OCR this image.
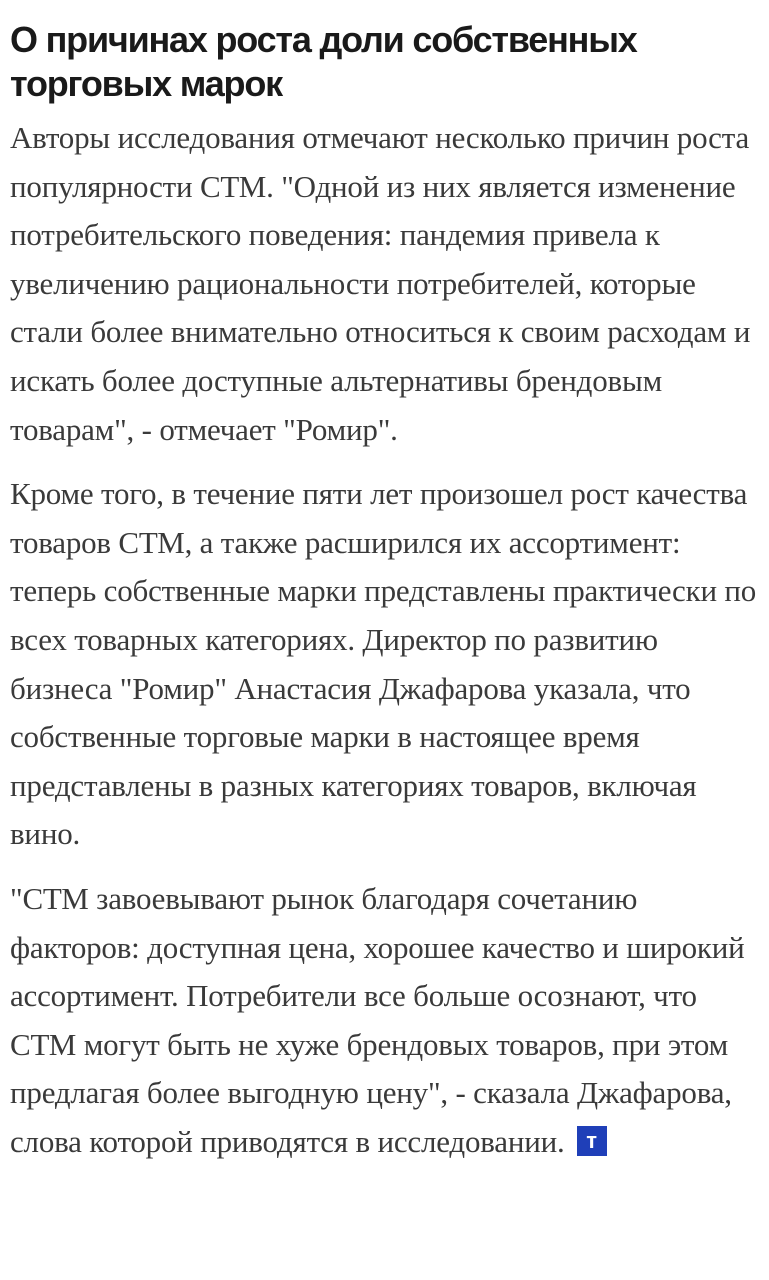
О причинах роста доли собственных торговых марок

Авторы исследования отмечают несколько причин роста популярности СТМ. "Одной из них является изменение потребительского поведения: пандемия привела к увеличению рациональности потребителей, которые стали более внимательно относиться к своим расходам и искать более доступные альтернативы брендовым товарам", - отмечает "Ромир".

Кроме того, в течение пяти лет произошел рост качества товаров СТМ, а также расширился их ассортимент: теперь собственные марки представлены практически по всех товарных категориях. Директор по развитию бизнеса "Ромир" Анастасия Джафарова указала, что собственные торговые марки в настоящее время представлены в разных категориях товаров, включая вино.

"СТМ завоевывают рынок благодаря сочетанию факторов: доступная цена, хорошее качество и широкий ассортимент. Потребители все больше осознают, что СТМ могут быть не хуже брендовых товаров, при этом предлагая более выгодную цену", - сказала Джафарова, слова которой приводятся в исследовании. т
